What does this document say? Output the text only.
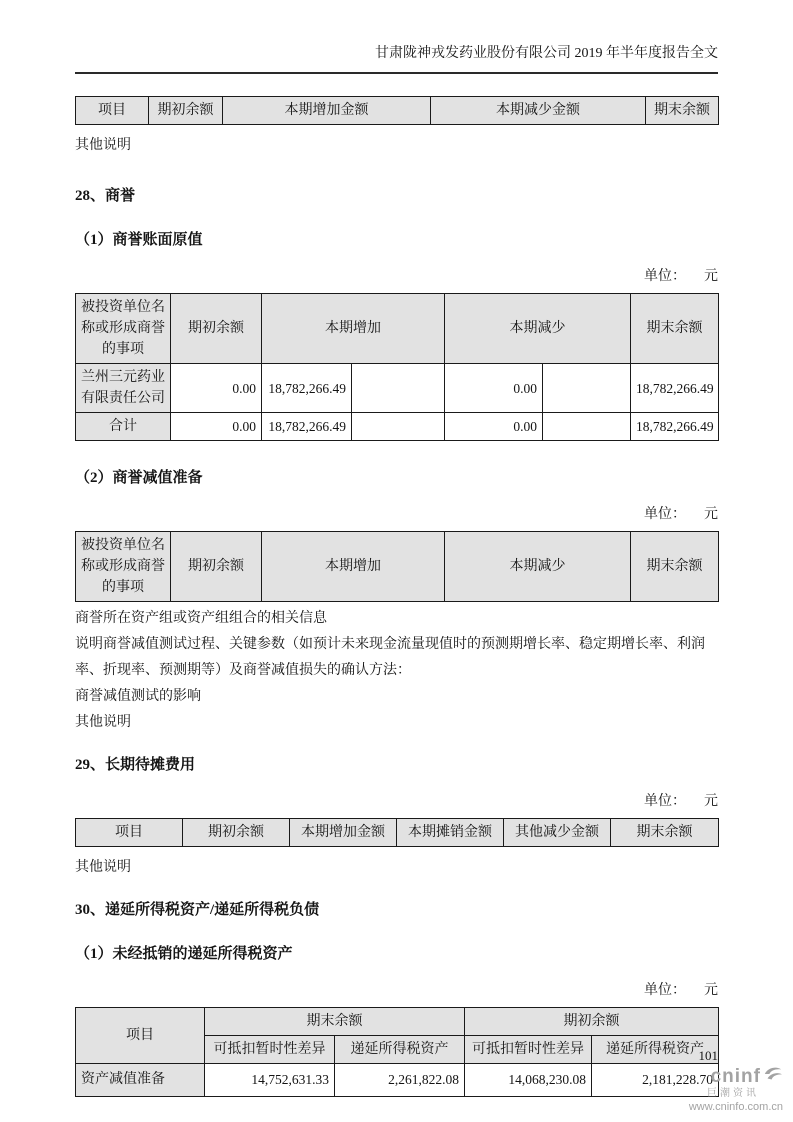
甘肃陇神戎发药业股份有限公司 2019 年半年度报告全文
项目	期初余额	本期增加金额	本期减少金额	期末余额

其他说明

28、商誉
（1）商誉账面原值
单位： 元
被投资单位名称或形成商誉的事项	期初余额	本期增加		本期减少		期末余额
兰州三元药业有限责任公司	0.00	18,782,266.49		0.00		18,782,266.49
合计	0.00	18,782,266.49		0.00		18,782,266.49
（2）商誉减值准备
单位： 元
被投资单位名称或形成商誉的事项	期初余额	本期增加	本期减少	期末余额

商誉所在资产组或资产组组合的相关信息

说明商誉减值测试过程、关键参数（如预计未来现金流量现值时的预测期增长率、稳定期增长率、利润率、折现率、预测期等）及商誉减值损失的确认方法：

商誉减值测试的影响

其他说明

29、长期待摊费用
单位： 元
项目	期初余额	本期增加金额	本期摊销金额	其他减少金额	期末余额

其他说明

30、递延所得税资产/递延所得税负债
（1）未经抵销的递延所得税资产
单位： 元
项目	期末余额		期初余额	
	可抵扣暂时性差异	递延所得税资产	可抵扣暂时性差异	递延所得税资产
资产减值准备	14,752,631.33	2,261,822.08	14,068,230.08	2,181,228.70
101
cninf
巨潮资讯
www.cninfo.com.cn
